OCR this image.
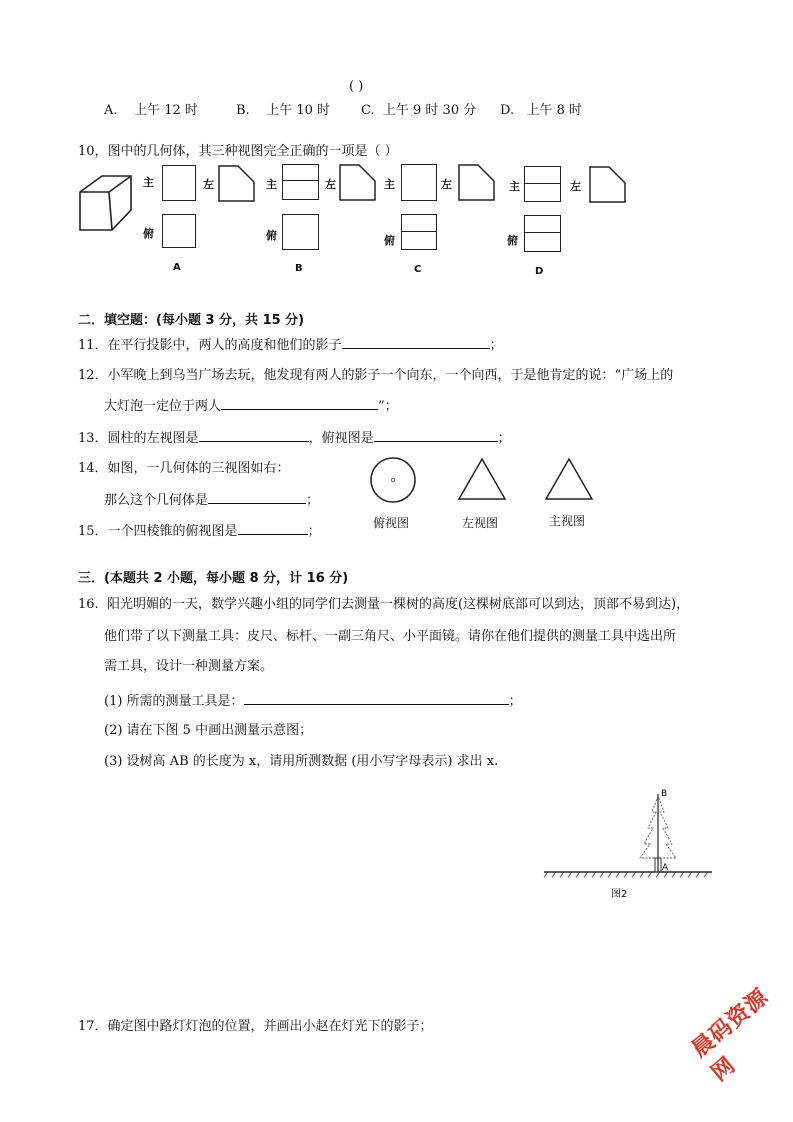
( )
A. 上午 12 时	B. 上午 10 时 C. 上午 9 时 30 分 D. 上午 8 时
10，图中的几何体，其三种视图完全正确的一项是（ ）
主	左
俯
A
主	左
俯
B
主	左
俯
C
主	左
俯
D
二．填空题：(每小题 3 分，共 15 分)
11．在平行投影中，两人的高度和他们的影子	；
12．小军晚上到乌当广场去玩，他发现有两人的影子一个向东，一个向西，于是他肯定的说：“广场上的
大灯泡一定位于两人	”；
13．圆柱的左视图是	，俯视图是	；
14．如图，一几何体的三视图如右：
那么这个几何体是	；
15．一个四棱锥的俯视图是	；
俯视图	左视图	主视图
三．(本题共 2 小题，每小题 8 分，计 16 分)
16. 阳光明媚的一天，数学兴趣小组的同学们去测量一棵树的高度(这棵树底部可以到达，顶部不易到达)，
他们带了以下测量工具：皮尺、标杆、一副三角尺、小平面镜。请你在他们提供的测量工具中选出所
需工具，设计一种测量方案。
(1) 所需的测量工具是：	；
(2) 请在下图 5 中画出测量示意图；
(3) 设树高 AB 的长度为 x，请用所测数据 (用小写字母表示) 求出 x.
B
A
图2
17．确定图中路灯灯泡的位置，并画出小赵在灯光下的影子；	晨码资源网
